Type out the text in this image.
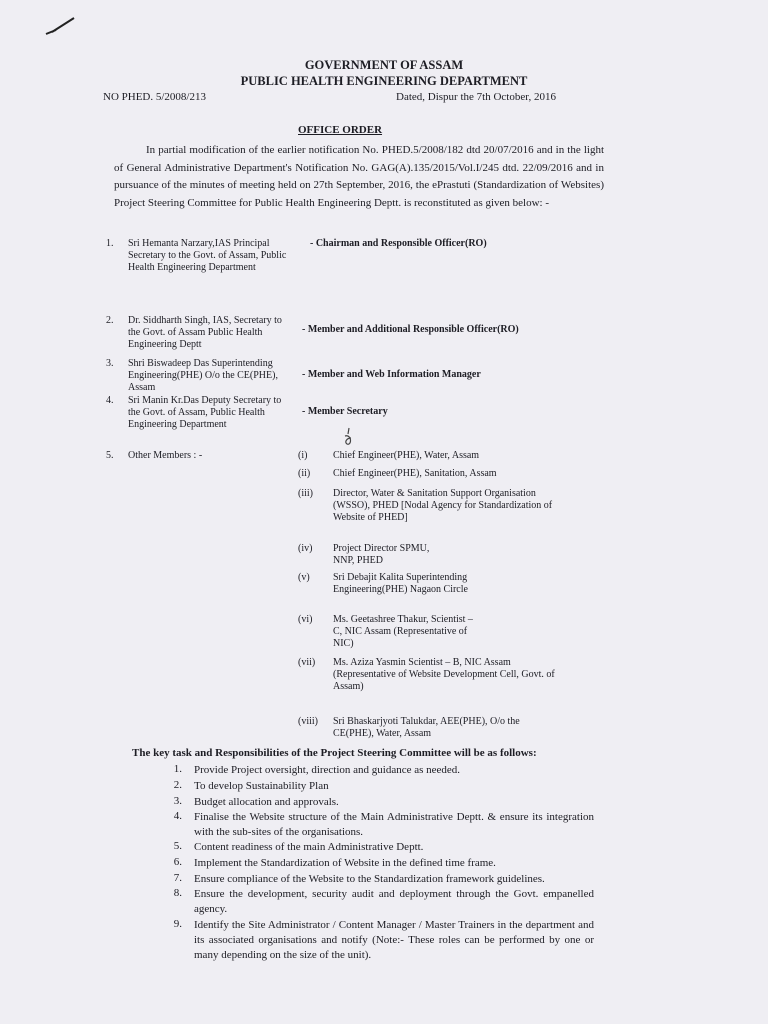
GOVERNMENT OF ASSAM
PUBLIC HEALTH ENGINEERING DEPARTMENT
NO PHED. 5/2008/213	Dated, Dispur the 7th October, 2016
OFFICE ORDER
In partial modification of the earlier notification No. PHED.5/2008/182 dtd 20/07/2016 and in the light of General Administrative Department's Notification No. GAG(A).135/2015/Vol.I/245 dtd. 22/09/2016 and in pursuance of the minutes of meeting held on 27th September, 2016, the ePrastuti (Standardization of Websites) Project Steering Committee for Public Health Engineering Deptt. is reconstituted as given below: -
1. Sri Hemanta Narzary,IAS Principal Secretary to the Govt. of Assam, Public Health Engineering Department
- Chairman and Responsible Officer(RO)
2. Dr. Siddharth Singh, IAS, Secretary to the Govt. of Assam Public Health Engineering Deptt
- Member and Additional Responsible Officer(RO)
3. Shri Biswadeep Das Superintending Engineering(PHE) O/o the CE(PHE), Assam
- Member and Web Information Manager
4. Sri Manin Kr.Das Deputy Secretary to the Govt. of Assam, Public Health Engineering Department
- Member Secretary
5. Other Members : -	(i)	Chief Engineer(PHE), Water, Assam
(ii) Chief Engineer(PHE), Sanitation, Assam
(iii) Director, Water & Sanitation Support Organisation (WSSO), PHED [Nodal Agency for Standardization of Website of PHED]
(iv) Project Director SPMU, NNP, PHED
(v) Sri Debajit Kalita Superintending Engineering(PHE) Nagaon Circle
(vi) Ms. Geetashree Thakur, Scientist – C, NIC Assam (Representative of NIC)
(vii) Ms. Aziza Yasmin Scientist – B, NIC Assam (Representative of Website Development Cell, Govt. of Assam)
(viii) Sri Bhaskarjyoti Talukdar, AEE(PHE), O/o the CE(PHE), Water, Assam
The key task and Responsibilities of the Project Steering Committee will be as follows:
1. Provide Project oversight, direction and guidance as needed.
2. To develop Sustainability Plan
3. Budget allocation and approvals.
4. Finalise the Website structure of the Main Administrative Deptt. & ensure its integration with the sub-sites of the organisations.
5. Content readiness of the main Administrative Deptt.
6. Implement the Standardization of Website in the defined time frame.
7. Ensure compliance of the Website to the Standardization framework guidelines.
8. Ensure the development, security audit and deployment through the Govt. empanelled agency.
9. Identify the Site Administrator / Content Manager / Master Trainers in the department and its associated organisations and notify (Note:- These roles can be performed by one or many depending on the size of the unit).
